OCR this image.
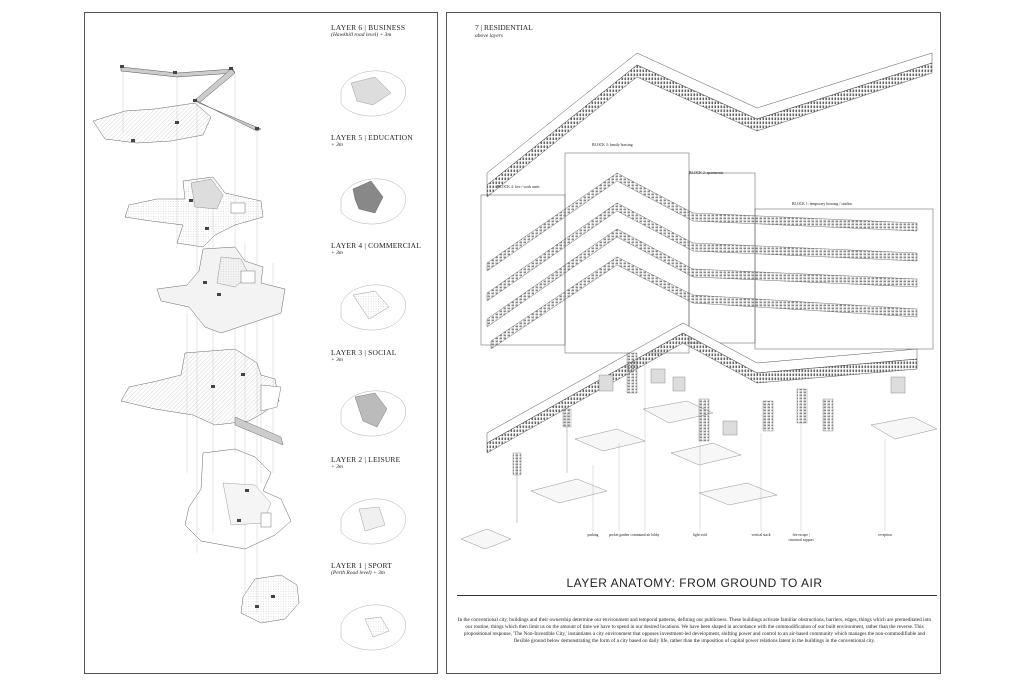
LAYER 6 | BUSINESS
(Hawkhill road level) + 3m
LAYER 5 | EDUCATION
+ 3m
LAYER 4 | COMMERCIAL
+ 3m
LAYER 3 | SOCIAL
+ 3m
LAYER 2 | LEISURE
+ 3m
LAYER 1 | SPORT
(Perth Road level) + 3m
7 | RESIDENTIAL
above layers
BLOCK 4: live / work units
BLOCK 3: family housing
BLOCK 2: apartments
BLOCK 1: temporary housing / studios
parking	pocket garden communal air lobby	light void	vertical stack	fire escape | structural support
reception
LAYER ANATOMY: FROM GROUND TO AIR
In the conventional city, buildings and their ownership determine our environment and temporal patterns, defining our publicness. These buildings activate familiar obstructions, barriers, edges, things which are premeditated into our routine, things which then limit us on the amount of time we have to spend in our desired locations. We have been shaped in accordance with the commodification of our built environment, rather than the reverse. This propositional response, 'The Non-Investible City,' instantiates a city environment that opposes investment-led development, shifting power and control to an air-based community which manages the non-commodifiable and flexible ground below demonstrating the form of a city based on daily life, rather than the imposition of capital power relations latent in the buildings in the conventional city.
